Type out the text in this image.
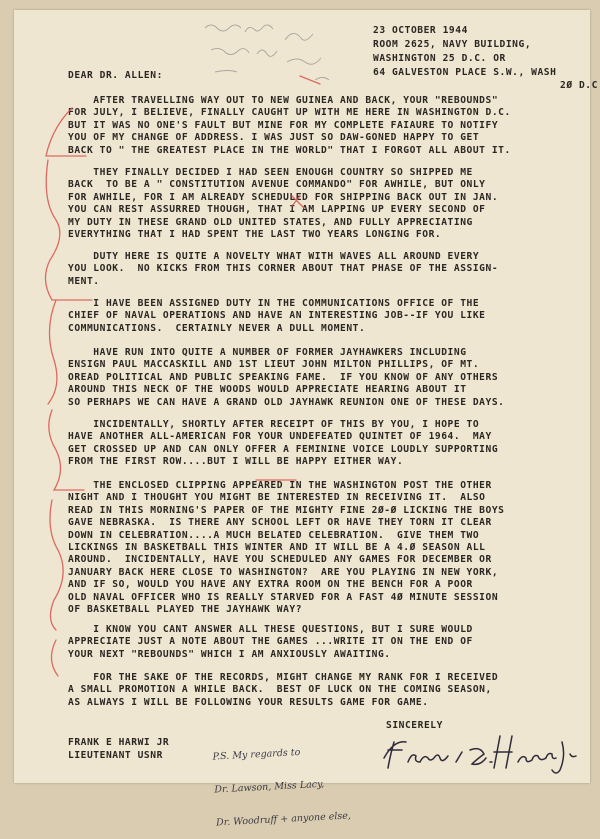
23 OCTOBER 1944
ROOM 2625, NAVY BUILDING,
WASHINGTON 25 D.C. OR
64 GALVESTON PLACE S.W., WASH
2Ø D.C
DEAR DR. ALLEN:
AFTER TRAVELLING WAY OUT TO NEW GUINEA AND BACK, YOUR "REBOUNDS"
FOR JULY, I BELIEVE, FINALLY CAUGHT UP WITH ME HERE IN WASHINGTON D.C.
BUT IT WAS NO ONE'S FAULT BUT MINE FOR MY COMPLETE FAIAURE TO NOTIFY
YOU OF MY CHANGE OF ADDRESS. I WAS JUST SO DAW-GONED HAPPY TO GET
BACK TO " THE GREATEST PLACE IN THE WORLD" THAT I FORGOT ALL ABOUT IT.
THEY FINALLY DECIDED I HAD SEEN ENOUGH COUNTRY SO SHIPPED ME
BACK  TO BE A " CONSTITUTION AVENUE COMMANDO" FOR AWHILE, BUT ONLY
FOR AWHILE, FOR I AM ALREADY SCHEDULED FOR SHIPPING BACK OUT IN JAN.
YOU CAN REST ASSURRED THOUGH, THAT I AM LAPPING UP EVERY SECOND OF
MY DUTY IN THESE GRAND OLD UNITED STATES, AND FULLY APPRECIATING
EVERYTHING THAT I HAD SPENT THE LAST TWO YEARS LONGING FOR.
DUTY HERE IS QUITE A NOVELTY WHAT WITH WAVES ALL AROUND EVERY
YOU LOOK.  NO KICKS FROM THIS CORNER ABOUT THAT PHASE OF THE ASSIGN-
MENT.
I HAVE BEEN ASSIGNED DUTY IN THE COMMUNICATIONS OFFICE OF THE
CHIEF OF NAVAL OPERATIONS AND HAVE AN INTERESTING JOB--IF YOU LIKE
COMMUNICATIONS.  CERTAINLY NEVER A DULL MOMENT.
HAVE RUN INTO QUITE A NUMBER OF FORMER JAYHAWKERS INCLUDING
ENSIGN PAUL MACCASKILL AND 1ST LIEUT JOHN MILTON PHILLIPS, OF MT.
OREAD POLITICAL AND PUBLIC SPEAKING FAME.  IF YOU KNOW OF ANY OTHERS
AROUND THIS NECK OF THE WOODS WOULD APPRECIATE HEARING ABOUT IT
SO PERHAPS WE CAN HAVE A GRAND OLD JAYHAWK REUNION ONE OF THESE DAYS.
INCIDENTALLY, SHORTLY AFTER RECEIPT OF THIS BY YOU, I HOPE TO
HAVE ANOTHER ALL-AMERICAN FOR YOUR UNDEFEATED QUINTET OF 1964.  MAY
GET CROSSED UP AND CAN ONLY OFFER A FEMININE VOICE LOUDLY SUPPORTING
FROM THE FIRST ROW....BUT I WILL BE HAPPY EITHER WAY.
THE ENCLOSED CLIPPING APPEARED IN THE WASHINGTON POST THE OTHER
NIGHT AND I THOUGHT YOU MIGHT BE INTERESTED IN RECEIVING IT.  ALSO
READ IN THIS MORNING'S PAPER OF THE MIGHTY FINE 2Ø-Ø LICKING THE BOYS
GAVE NEBRASKA.  IS THERE ANY SCHOOL LEFT OR HAVE THEY TORN IT CLEAR
DOWN IN CELEBRATION....A MUCH BELATED CELEBRATION.  GIVE THEM TWO
LICKINGS IN BASKETBALL THIS WINTER AND IT WILL BE A 4.Ø SEASON ALL
AROUND.  INCIDENTALLY, HAVE YOU SCHEDULED ANY GAMES FOR DECEMBER OR
JANUARY BACK HERE CLOSE TO WASHINGTON?  ARE YOU PLAYING IN NEW YORK,
AND IF SO, WOULD YOU HAVE ANY EXTRA ROOM ON THE BENCH FOR A POOR
OLD NAVAL OFFICER WHO IS REALLY STARVED FOR A FAST 4Ø MINUTE SESSION
OF BASKETBALL PLAYED THE JAYHAWK WAY?
I KNOW YOU CANT ANSWER ALL THESE QUESTIONS, BUT I SURE WOULD
APPRECIATE JUST A NOTE ABOUT THE GAMES ...WRITE IT ON THE END OF
YOUR NEXT "REBOUNDS" WHICH I AM ANXIOUSLY AWAITING.
FOR THE SAKE OF THE RECORDS, MIGHT CHANGE MY RANK FOR I RECEIVED
A SMALL PROMOTION A WHILE BACK.  BEST OF LUCK ON THE COMING SEASON,
AS ALWAYS I WILL BE FOLLOWING YOUR RESULTS GAME FOR GAME.
SINCERELY
FRANK E HARWI JR
LIEUTENANT USNR

	P.S. My regards to

Dr. Lawson, Miss Lacy,

Dr. Woodruff + anyone else,
